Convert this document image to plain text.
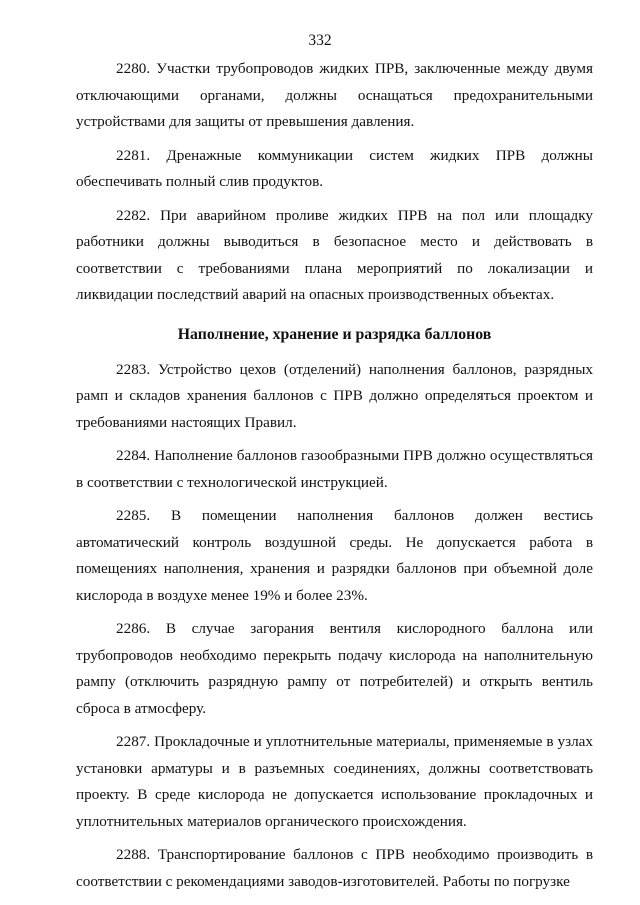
332

2280. Участки трубопроводов жидких ПРВ, заключенные между двумя отключающими органами, должны оснащаться предохранительными устройствами для защиты от превышения давления.

2281. Дренажные коммуникации систем жидких ПРВ должны обеспечивать полный слив продуктов.

2282. При аварийном проливе жидких ПРВ на пол или площадку работники должны выводиться в безопасное место и действовать в соответствии с требованиями плана мероприятий по локализации и ликвидации последствий аварий на опасных производственных объектах.

Наполнение, хранение и разрядка баллонов

2283. Устройство цехов (отделений) наполнения баллонов, разрядных рамп и складов хранения баллонов с ПРВ должно определяться проектом и требованиями настоящих Правил.

2284. Наполнение баллонов газообразными ПРВ должно осуществляться в соответствии с технологической инструкцией.

2285. В помещении наполнения баллонов должен вестись автоматический контроль воздушной среды. Не допускается работа в помещениях наполнения, хранения и разрядки баллонов при объемной доле кислорода в воздухе менее 19% и более 23%.

2286. В случае загорания вентиля кислородного баллона или трубопроводов необходимо перекрыть подачу кислорода на наполнительную рампу (отключить разрядную рампу от потребителей) и открыть вентиль сброса в атмосферу.

2287. Прокладочные и уплотнительные материалы, применяемые в узлах установки арматуры и в разъемных соединениях, должны соответствовать проекту. В среде кислорода не допускается использование прокладочных и уплотнительных материалов органического происхождения.

2288. Транспортирование баллонов с ПРВ необходимо производить в соответствии с рекомендациями заводов-изготовителей. Работы по погрузке
